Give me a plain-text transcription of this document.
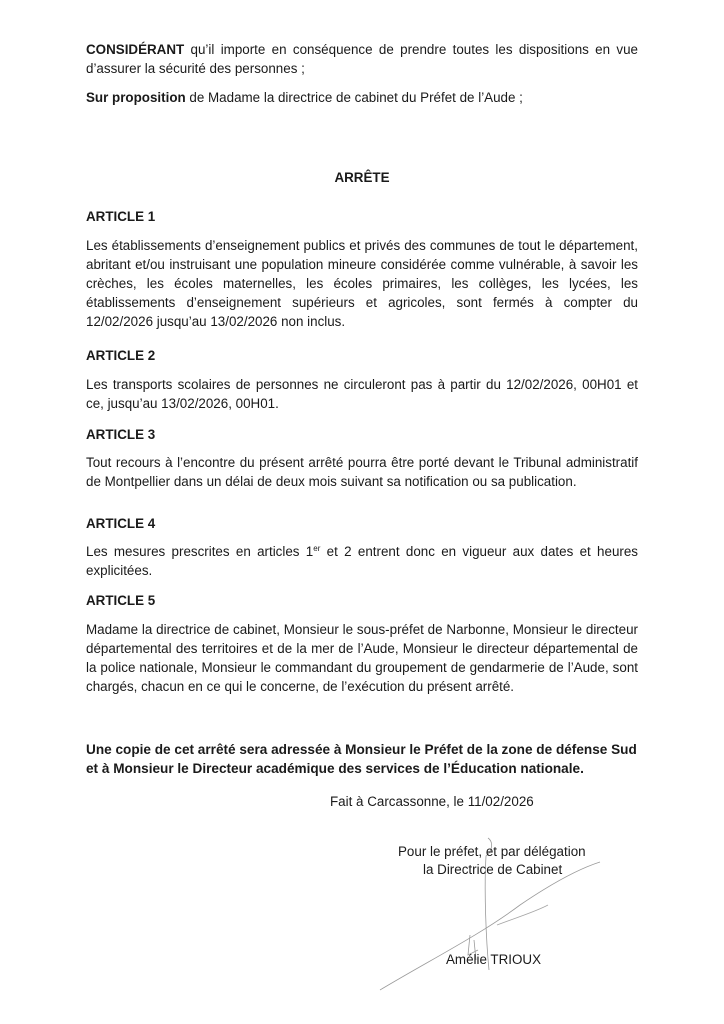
CONSIDÉRANT qu’il importe en conséquence de prendre toutes les dispositions en vue d’assurer la sécurité des personnes ;
Sur proposition de Madame la directrice de cabinet du Préfet de l’Aude ;
ARRÊTE
ARTICLE 1
Les établissements d’enseignement publics et privés des communes de tout le département, abritant et/ou instruisant une population mineure considérée comme vulnérable, à savoir les crèches, les écoles maternelles, les écoles primaires, les collèges, les lycées, les établissements d’enseignement supérieurs et agricoles, sont fermés à compter du 12/02/2026 jusqu’au 13/02/2026 non inclus.
ARTICLE 2
Les transports scolaires de personnes ne circuleront pas à partir du 12/02/2026, 00H01 et ce, jusqu’au 13/02/2026, 00H01.
ARTICLE 3
Tout recours à l’encontre du présent arrêté pourra être porté devant le Tribunal administratif de Montpellier dans un délai de deux mois suivant sa notification ou sa publication.
ARTICLE 4
Les mesures prescrites en articles 1er et 2 entrent donc en vigueur aux dates et heures explicitées.
ARTICLE 5
Madame la directrice de cabinet, Monsieur le sous-préfet de Narbonne, Monsieur le directeur départemental des territoires et de la mer de l’Aude, Monsieur le directeur départemental de la police nationale, Monsieur le commandant du groupement de gendarmerie de l’Aude, sont chargés, chacun en ce qui le concerne, de l’exécution du présent arrêté.
Une copie de cet arrêté sera adressée à Monsieur le Préfet de la zone de défense Sud et à Monsieur le Directeur académique des services de l’Éducation nationale.
Fait à Carcassonne, le 11/02/2026
Pour le préfet, et par délégation
la Directrice de Cabinet
Amélie TRIOUX
